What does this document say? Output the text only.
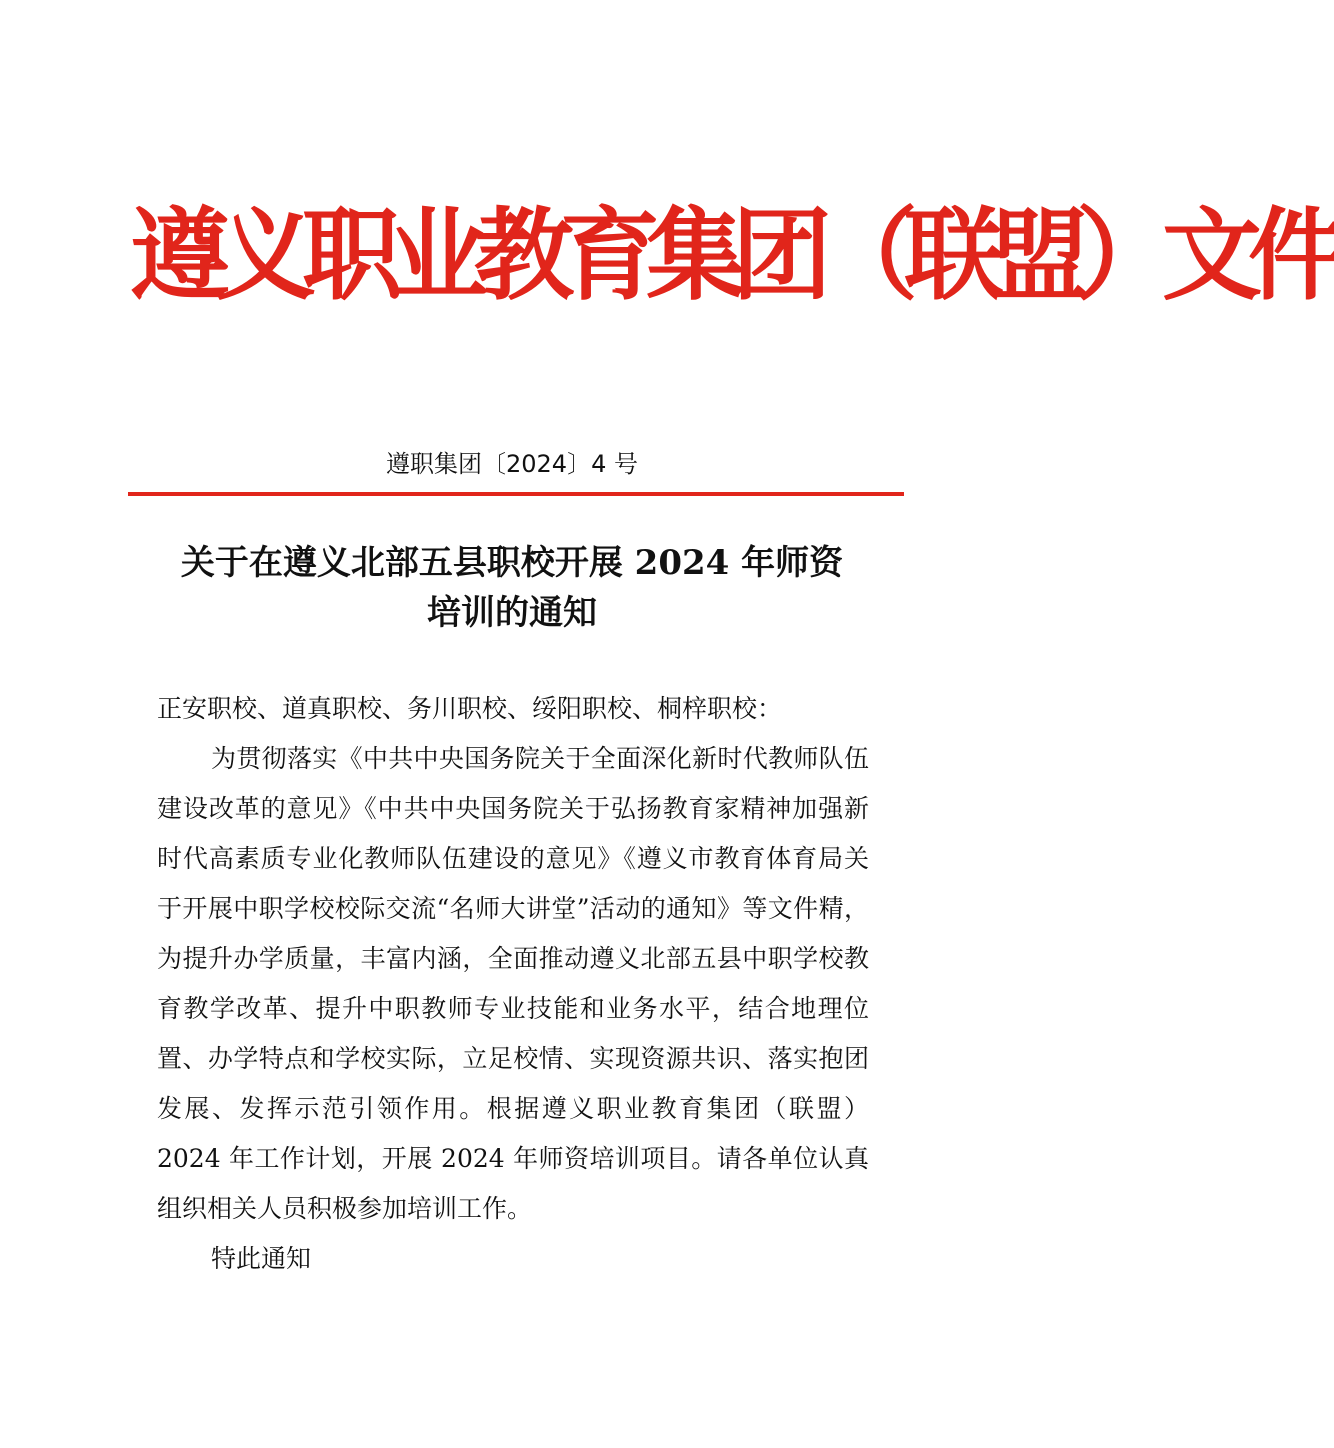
遵义职业教育集团（联盟）文件
遵职集团〔2024〕4 号
关于在遵义北部五县职校开展 2024 年师资
培训的通知

正安职校、道真职校、务川职校、绥阳职校、桐梓职校：

为贯彻落实《中共中央国务院关于全面深化新时代教师队伍建设改革的意见》《中共中央国务院关于弘扬教育家精神加强新时代高素质专业化教师队伍建设的意见》《遵义市教育体育局关于开展中职学校校际交流“名师大讲堂”活动的通知》等文件精，为提升办学质量，丰富内涵，全面推动遵义北部五县中职学校教育教学改革、提升中职教师专业技能和业务水平，结合地理位置、办学特点和学校实际，立足校情、实现资源共识、落实抱团发展、发挥示范引领作用。根据遵义职业教育集团（联盟）2024 年工作计划，开展 2024 年师资培训项目。请各单位认真组织相关人员积极参加培训工作。

特此通知
